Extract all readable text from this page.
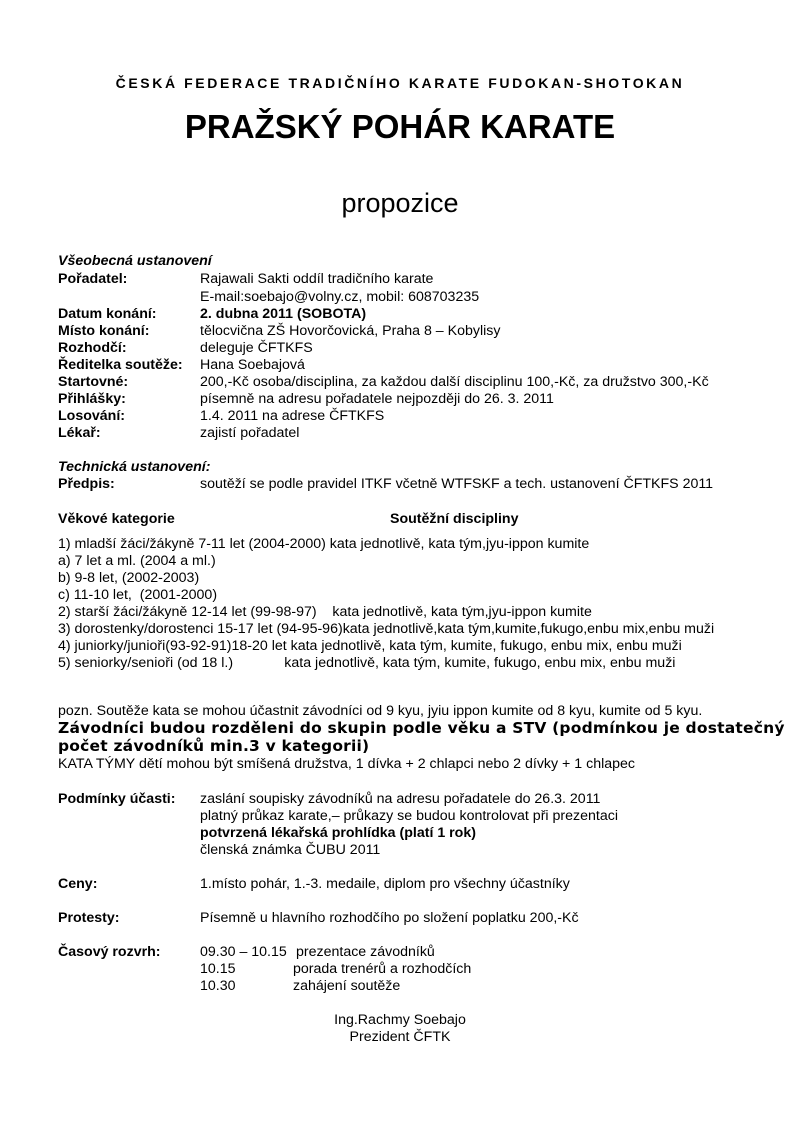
ČESKÁ FEDERACE TRADIČNÍHO KARATE FUDOKAN-SHOTOKAN
PRAŽSKÝ POHÁR KARATE
propozice
Všeobecná ustanovení
Pořadatel:	Rajawali Sakti oddíl tradičního karate
E-mail:soebajo@volny.cz, mobil: 608703235
Datum konání:	2. dubna 2011 (SOBOTA)
Místo konání:	tělocvična ZŠ Hovorčovická, Praha 8 – Kobylisy
Rozhodčí:	deleguje ČFTKFS
Ředitelka soutěže: Hana Soebajová
Startovné:	200,-Kč osoba/disciplina, za každou další disciplinu 100,-Kč, za družstvo 300,-Kč
Přihlášky:	písemně na adresu pořadatele nejpozději do 26. 3. 2011
Losování:	1.4. 2011 na adrese ČFTKFS
Lékař:	zajistí pořadatel
Technická ustanovení:
Předpis:	soutěží se podle pravidel ITKF včetně WTFSKF a tech. ustanovení ČFTKFS 2011
Věkové kategorie	Soutěžní discipliny
1) mladší žáci/žákyně 7-11 let (2004-2000) kata jednotlivě, kata tým,jyu-ippon kumite
a) 7 let a ml. (2004 a ml.)
b) 9-8 let, (2002-2003)
c) 11-10 let,  (2001-2000)
2) starší žáci/žákyně 12-14 let (99-98-97)    kata jednotlivě, kata tým,jyu-ippon kumite
3) dorostenky/dorostenci 15-17 let (94-95-96)kata jednotlivě,kata tým,kumite,fukugo,enbu mix,enbu muži
4) juniorky/junioři(93-92-91)18-20 let kata jednotlivě, kata tým, kumite, fukugo, enbu mix, enbu muži
5) seniorky/senioři (od 18 l.)             kata jednotlivě, kata tým, kumite, fukugo, enbu mix, enbu muži
pozn. Soutěže kata se mohou účastnit závodníci od 9 kyu, jyiu ippon kumite od 8 kyu, kumite od 5 kyu.
Závodníci budou rozděleni do skupin podle věku a STV (podmínkou je dostatečný
počet závodníků min.3 v kategorii)
KATA TÝMY dětí mohou být smíšená družstva, 1 dívka + 2 chlapci nebo 2 dívky + 1 chlapec
Podmínky účasti: zaslání soupisky závodníků na adresu pořadatele do 26.3. 2011
platný průkaz karate,– průkazy se budou kontrolovat při prezentaci
potvrzená lékařská prohlídka (platí 1 rok)
členská známka ČUBU 2011
Ceny:	1.místo pohár, 1.-3. medaile, diplom pro všechny účastníky
Protesty:	Písemně u hlavního rozhodčího po složení poplatku 200,-Kč
Časový rozvrh:	09.30 – 10.15 prezentace závodníků
10.15	porada trenérů a rozhodčích
10.30	zahájení soutěže
Ing.Rachmy Soebajo
Prezident ČFTK
